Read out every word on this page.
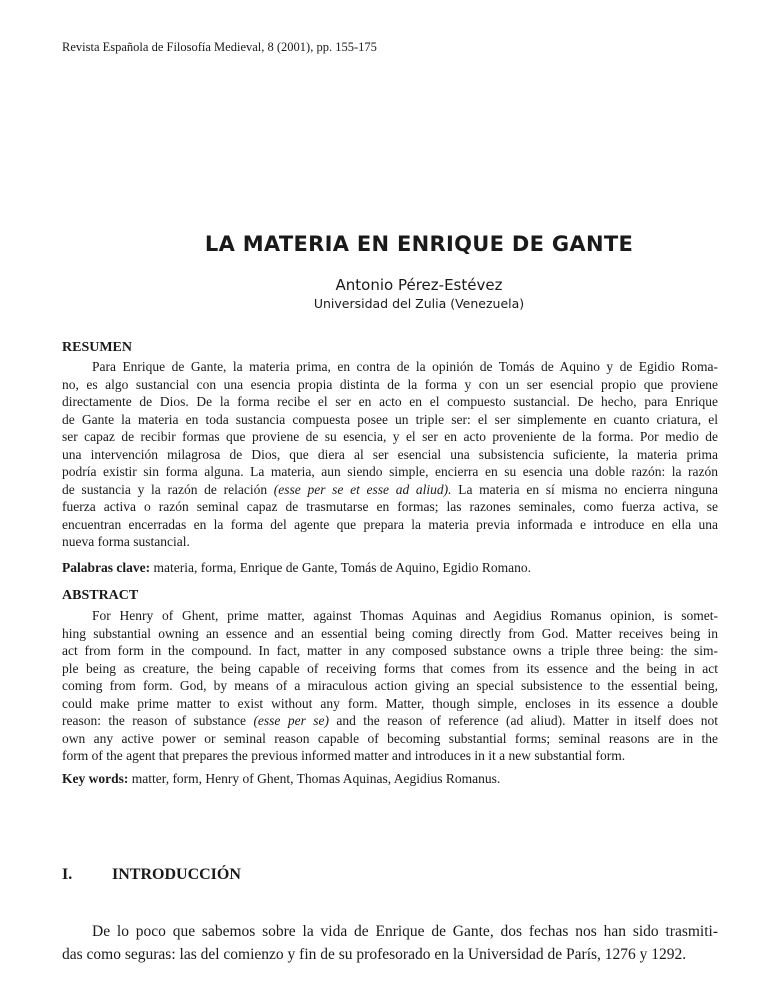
Revista Española de Filosofía Medieval, 8 (2001), pp. 155-175
LA MATERIA EN ENRIQUE DE GANTE
Antonio Pérez-Estévez
Universidad del Zulia (Venezuela)
RESUMEN
Para Enrique de Gante, la materia prima, en contra de la opinión de Tomás de Aquino y de Egidio Roma-
no, es algo sustancial con una esencia propia distinta de la forma y con un ser esencial propio que proviene
directamente de Dios. De la forma recibe el ser en acto en el compuesto sustancial. De hecho, para Enrique
de Gante la materia en toda sustancia compuesta posee un triple ser: el ser simplemente en cuanto criatura, el
ser capaz de recibir formas que proviene de su esencia, y el ser en acto proveniente de la forma. Por medio de
una intervención milagrosa de Dios, que diera al ser esencial una subsistencia suficiente, la materia prima
podría existir sin forma alguna. La materia, aun siendo simple, encierra en su esencia una doble razón: la razón
de sustancia y la razón de relación (esse per se et esse ad aliud). La materia en sí misma no encierra ninguna
fuerza activa o razón seminal capaz de trasmutarse en formas; las razones seminales, como fuerza activa, se
encuentran encerradas en la forma del agente que prepara la materia previa informada e introduce en ella una
nueva forma sustancial.
Palabras clave: materia, forma, Enrique de Gante, Tomás de Aquino, Egidio Romano.
ABSTRACT
For Henry of Ghent, prime matter, against Thomas Aquinas and Aegidius Romanus opinion, is somet-
hing substantial owning an essence and an essential being coming directly from God. Matter receives being in
act from form in the compound. In fact, matter in any composed substance owns a triple three being: the sim-
ple being as creature, the being capable of receiving forms that comes from its essence and the being in act
coming from form. God, by means of a miraculous action giving an special subsistence to the essential being,
could make prime matter to exist without any form. Matter, though simple, encloses in its essence a double
reason: the reason of substance (esse per se) and the reason of reference (ad aliud). Matter in itself does not
own any active power or seminal reason capable of becoming substantial forms; seminal reasons are in the
form of the agent that prepares the previous informed matter and introduces in it a new substantial form.
Key words: matter, form, Henry of Ghent, Thomas Aquinas, Aegidius Romanus.
I. INTRODUCCIÓN
De lo poco que sabemos sobre la vida de Enrique de Gante, dos fechas nos han sido trasmiti-
das como seguras: las del comienzo y fin de su profesorado en la Universidad de París, 1276 y 1292.
